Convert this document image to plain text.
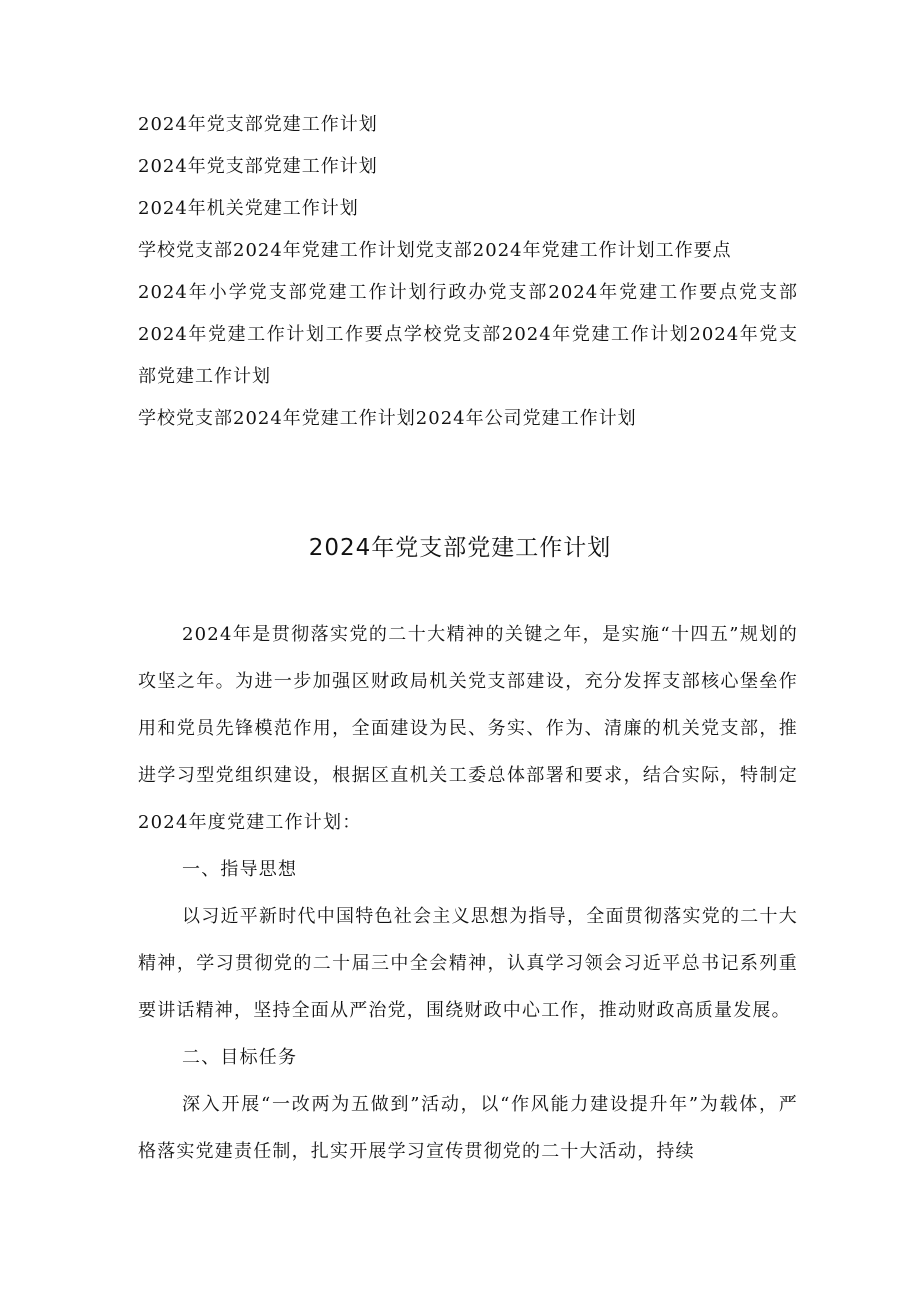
2024年党支部党建工作计划
2024年党支部党建工作计划
2024年机关党建工作计划
学校党支部2024年党建工作计划党支部2024年党建工作计划工作要点
2024年小学党支部党建工作计划行政办党支部2024年党建工作要点党支部2024年党建工作计划工作要点学校党支部2024年党建工作计划2024年党支部党建工作计划
学校党支部2024年党建工作计划2024年公司党建工作计划
2024年党支部党建工作计划

2024年是贯彻落实党的二十大精神的关键之年，是实施“十四五”规划的攻坚之年。为进一步加强区财政局机关党支部建设，充分发挥支部核心堡垒作用和党员先锋模范作用，全面建设为民、务实、作为、清廉的机关党支部，推进学习型党组织建设，根据区直机关工委总体部署和要求，结合实际，特制定2024年度党建工作计划：

一、指导思想

以习近平新时代中国特色社会主义思想为指导，全面贯彻落实党的二十大精神，学习贯彻党的二十届三中全会精神，认真学习领会习近平总书记系列重要讲话精神，坚持全面从严治党，围绕财政中心工作，推动财政高质量发展。

二、目标任务

深入开展“一改两为五做到”活动，以“作风能力建设提升年”为载体，严格落实党建责任制，扎实开展学习宣传贯彻党的二十大活动，持续
